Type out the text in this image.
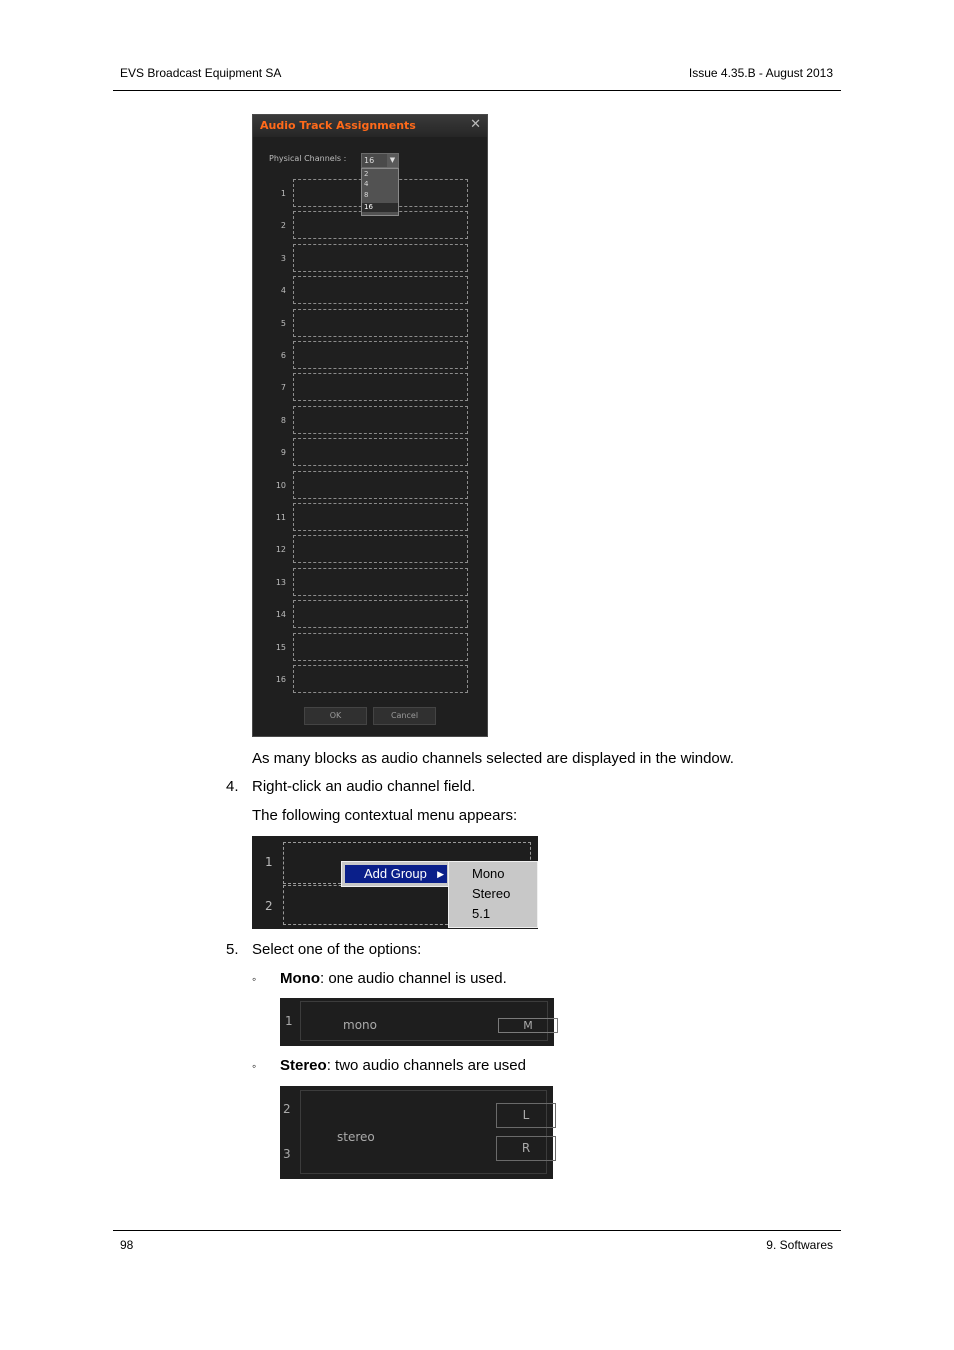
EVS Broadcast Equipment SA	Issue 4.35.B - August 2013
Audio Track Assignments	✕
Physical Channels : 16	▼
2
4
8
16
OK	Cancel
1
2
3
4
5
6
7
8
9
10
11
12
13
14
15
16
As many blocks as audio channels selected are displayed in the window.
4. Right-click an audio channel field.
The following contextual menu appears:
1
2
Add Group ▶ Mono
Stereo
5.1
5. Select one of the options:
◦ Mono: one audio channel is used.
1	mono	M
◦ Stereo: two audio channels are used
2
3
stereo
L
R
98	9. Softwares
